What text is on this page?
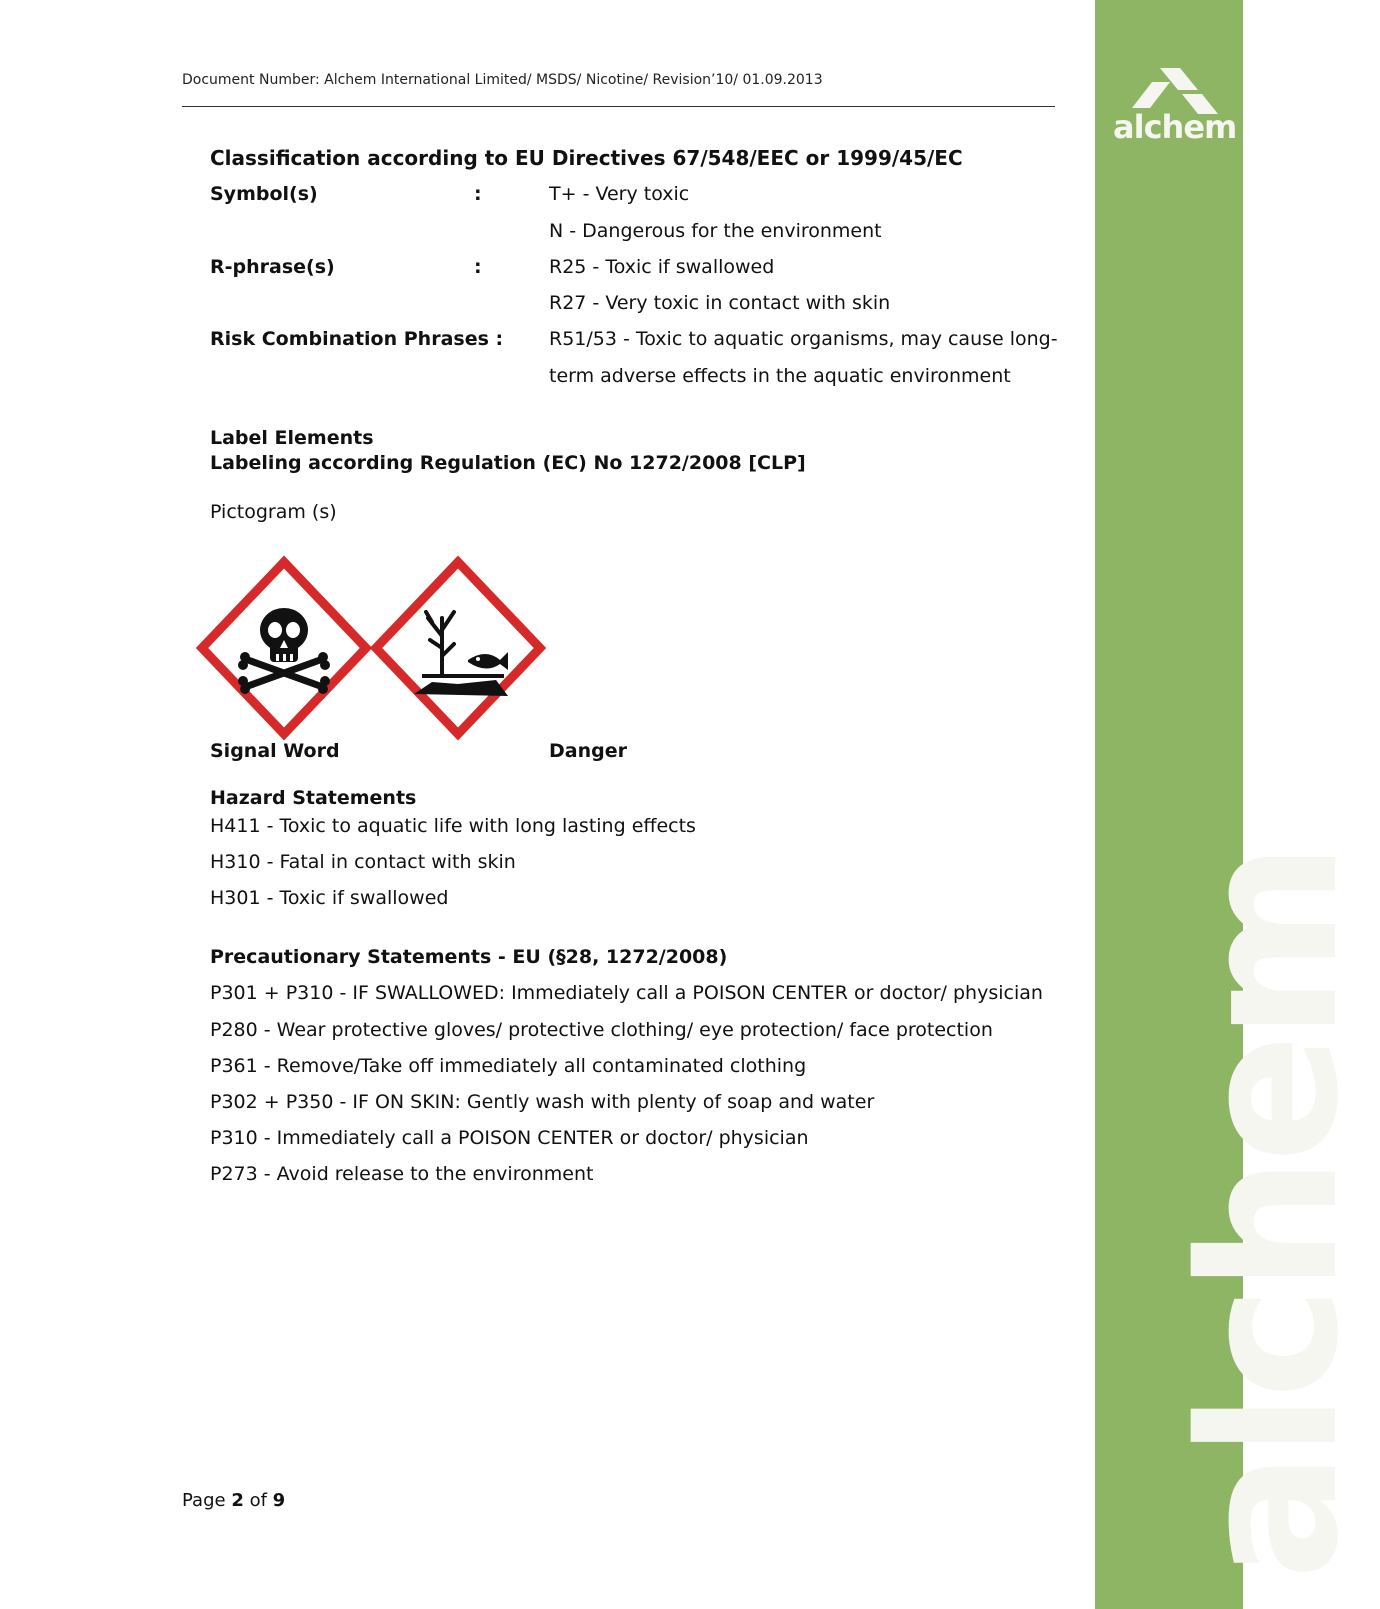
alchem
alchem
Document Number: Alchem International Limited/ MSDS/ Nicotine/ Revision’10/ 01.09.2013
Classification according to EU Directives 67/548/EEC or 1999/45/EC
Symbol(s)	:	T+ - Very toxic
N - Dangerous for the environment
R-phrase(s)	:	R25 - Toxic if swallowed
R27 - Very toxic in contact with skin
Risk Combination Phrases : R51/53 - Toxic to aquatic organisms, may cause long-
term adverse effects in the aquatic environment
Label Elements
Labeling according Regulation (EC) No 1272/2008 [CLP]
Pictogram (s)
Signal Word	Danger
Hazard Statements
H411 - Toxic to aquatic life with long lasting effects
H310 - Fatal in contact with skin
H301 - Toxic if swallowed
Precautionary Statements - EU (§28, 1272/2008)
P301 + P310 - IF SWALLOWED: Immediately call a POISON CENTER or doctor/ physician
P280 - Wear protective gloves/ protective clothing/ eye protection/ face protection
P361 - Remove/Take off immediately all contaminated clothing
P302 + P350 - IF ON SKIN: Gently wash with plenty of soap and water
P310 - Immediately call a POISON CENTER or doctor/ physician
P273 - Avoid release to the environment
Page 2 of 9
